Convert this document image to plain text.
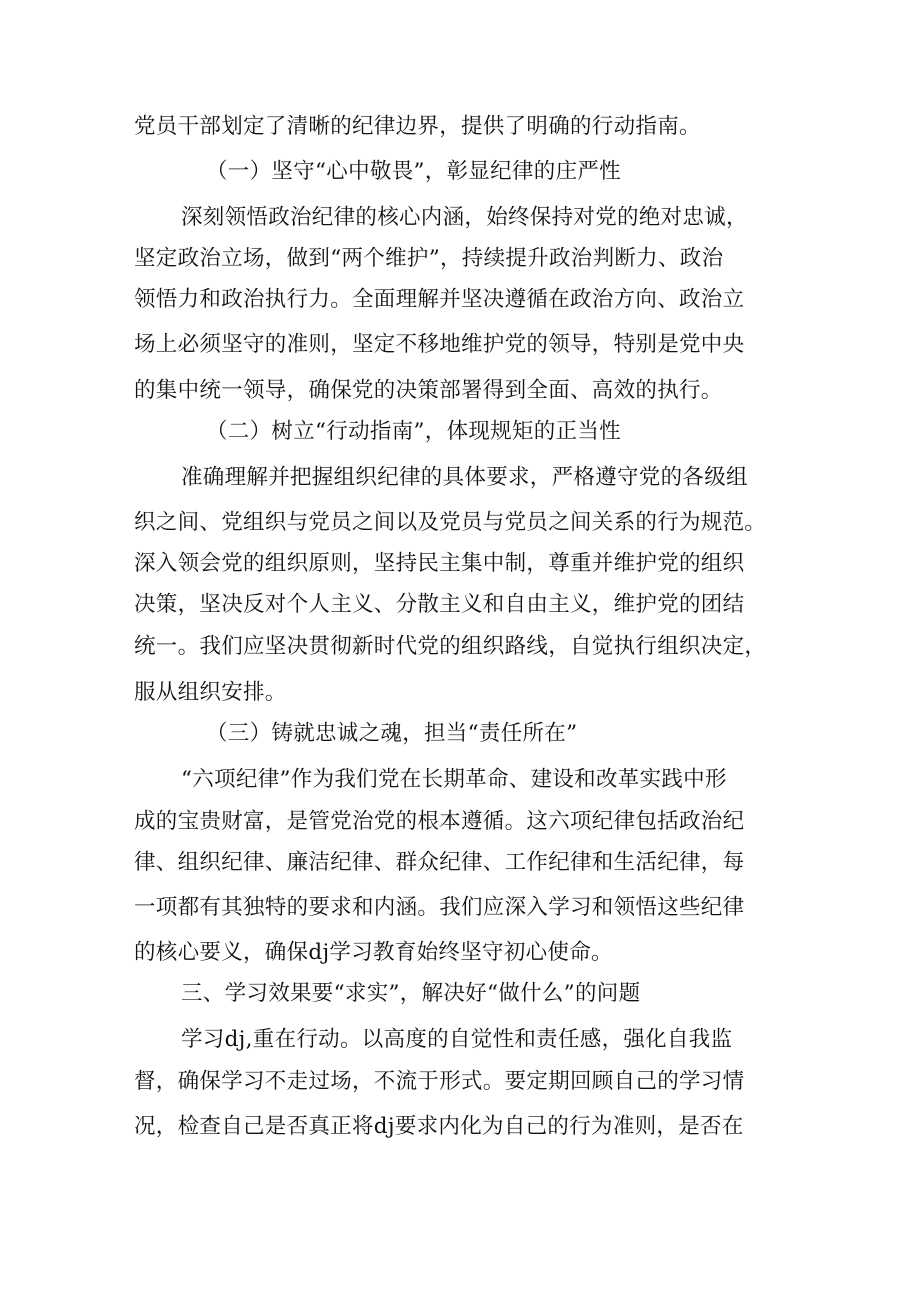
党员干部划定了清晰的纪律边界，提供了明确的行动指南。
（一）坚守“心中敬畏”，彰显纪律的庄严性
深刻领悟政治纪律的核心内涵，始终保持对党的绝对忠诚，
坚定政治立场，做到“两个维护”，持续提升政治判断力、政治
领悟力和政治执行力。全面理解并坚决遵循在政治方向、政治立
场上必须坚守的准则，坚定不移地维护党的领导，特别是党中央
的集中统一领导，确保党的决策部署得到全面、高效的执行。
（二）树立“行动指南”，体现规矩的正当性
准确理解并把握组织纪律的具体要求，严格遵守党的各级组
织之间、党组织与党员之间以及党员与党员之间关系的行为规范。
深入领会党的组织原则，坚持民主集中制，尊重并维护党的组织
决策，坚决反对个人主义、分散主义和自由主义，维护党的团结
统一。我们应坚决贯彻新时代党的组织路线，自觉执行组织决定，
服从组织安排。
（三）铸就忠诚之魂，担当“责任所在”
“六项纪律”作为我们党在长期革命、建设和改革实践中形
成的宝贵财富，是管党治党的根本遵循。这六项纪律包括政治纪
律、组织纪律、廉洁纪律、群众纪律、工作纪律和生活纪律，每
一项都有其独特的要求和内涵。我们应深入学习和领悟这些纪律
的核心要义，确保dj学习教育始终坚守初心使命。
三、学习效果要“求实”，解决好“做什么”的问题
学习dj,重在行动。以高度的自觉性和责任感，强化自我监
督，确保学习不走过场，不流于形式。要定期回顾自己的学习情
况，检查自己是否真正将dj要求内化为自己的行为准则，是否在
